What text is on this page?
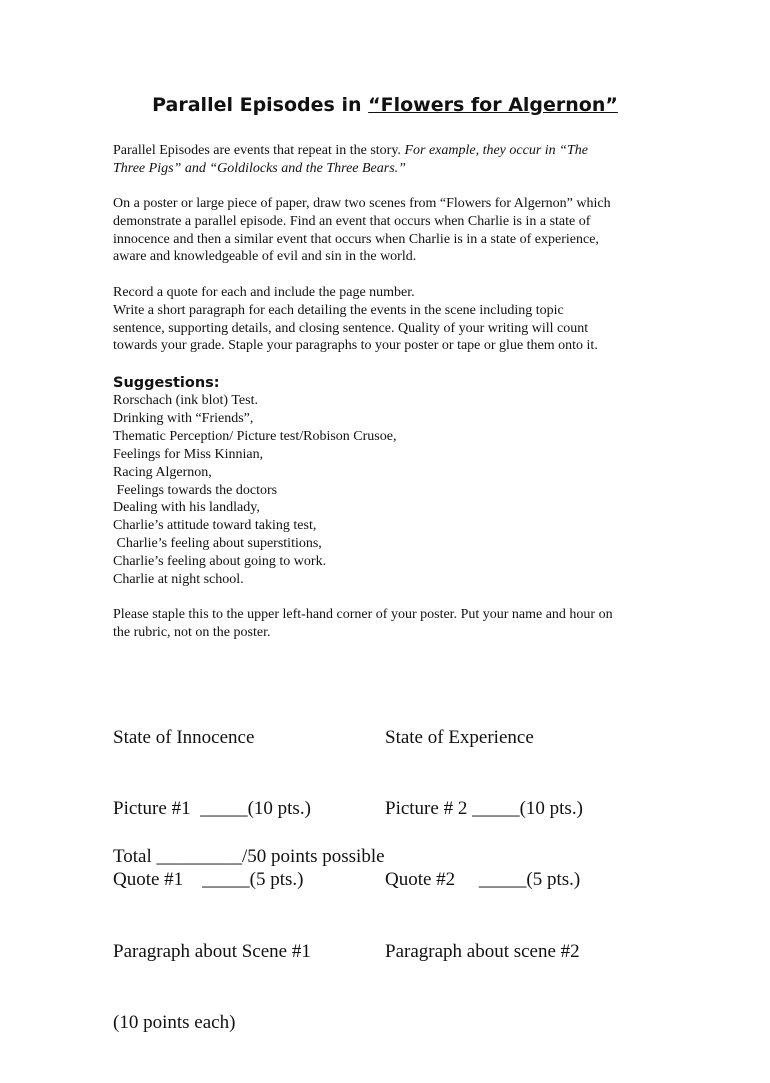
Parallel Episodes in “Flowers for Algernon”
Parallel Episodes are events that repeat in the story. For example, they occur in “The
Three Pigs” and “Goldilocks and the Three Bears.”
On a poster or large piece of paper, draw two scenes from “Flowers for Algernon” which
demonstrate a parallel episode. Find an event that occurs when Charlie is in a state of
innocence and then a similar event that occurs when Charlie is in a state of experience,
aware and knowledgeable of evil and sin in the world.
Record a quote for each and include the page number.
Write a short paragraph for each detailing the events in the scene including topic
sentence, supporting details, and closing sentence. Quality of your writing will count
towards your grade. Staple your paragraphs to your poster or tape or glue them onto it.
Suggestions:
Rorschach (ink blot) Test.
Drinking with “Friends”,
Thematic Perception/ Picture test/Robison Crusoe,
Feelings for Miss Kinnian,
Racing Algernon,
Feelings towards the doctors
Dealing with his landlady,
Charlie’s attitude toward taking test,
Charlie’s feeling about superstitions,
Charlie’s feeling about going to work.
Charlie at night school.
Please staple this to the upper left-hand corner of your poster. Put your name and hour on
the rubric, not on the poster.

State of Innocence

Picture #1  _____(10 pts.)

Quote #1    _____(5 pts.)

Paragraph about Scene #1

(10 points each)

State of Experience

Picture # 2 _____(10 pts.)

Quote #2     _____(5 pts.)

Paragraph about scene #2

Total _________/50 points possible
